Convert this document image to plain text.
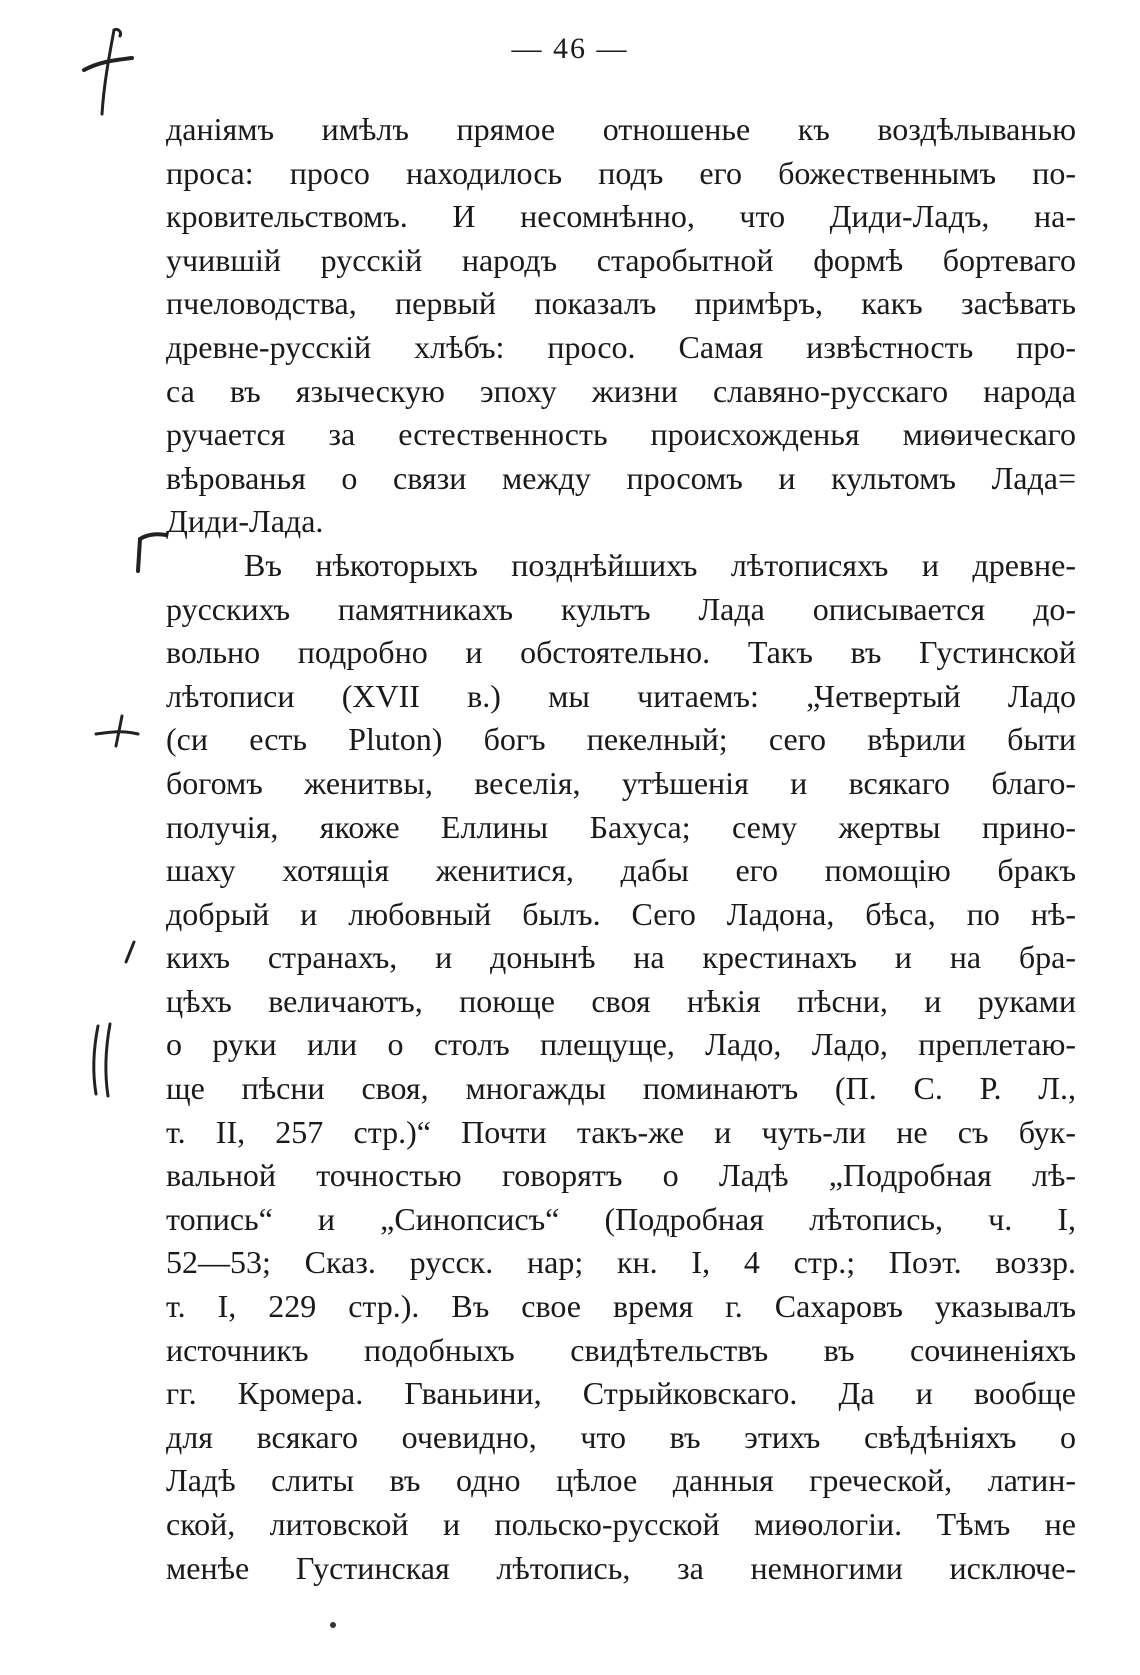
— 46 —
даніямъ имѣлъ прямое отношенье къ воздѣлыванью
проса: просо находилось подъ его божественнымъ по-
кровительствомъ. И несомнѣнно, что Диди-Ладъ, на-
учившій русскій народъ старобытной формѣ бортеваго
пчеловодства, первый показалъ примѣръ, какъ засѣвать
древне-русскій хлѣбъ: просо. Самая извѣстность про-
са въ языческую эпоху жизни славяно-русскаго народа
ручается за естественность происхожденья миѳическаго
вѣрованья о связи между просомъ и культомъ Лада=
Диди-Лада.
Въ нѣкоторыхъ позднѣйшихъ лѣтописяхъ и древне-
русскихъ памятникахъ культъ Лада описывается до-
вольно подробно и обстоятельно. Такъ въ Густинской
лѣтописи (XVII в.) мы читаемъ: „Четвертый Ладо
(си есть Pluton) богъ пекелный; сего вѣрили быти
богомъ женитвы, веселія, утѣшенія и всякаго благо-
получія, якоже Еллины Бахуса; сему жертвы прино-
шаху хотящія женитися, дабы его помощію бракъ
добрый и любовный былъ. Сего Ладона, бѣса, по нѣ-
кихъ странахъ, и донынѣ на крестинахъ и на бра-
цѣхъ величаютъ, поюще своя нѣкія пѣсни, и руками
о руки или о столъ плещуще, Ладо, Ладо, преплетаю-
ще пѣсни своя, многажды поминаютъ (П. С. Р. Л.,
т. II, 257 стр.)“ Почти такъ-же и чуть-ли не съ бук-
вальной точностью говорятъ о Ладѣ „Подробная лѣ-
топись“ и „Синопсисъ“ (Подробная лѣтопись, ч. I,
52—53; Сказ. русск. нар; кн. I, 4 стр.; Поэт. воззр.
т. I, 229 стр.). Въ свое время г. Сахаровъ указывалъ
источникъ подобныхъ свидѣтельствъ въ сочиненіяхъ
гг. Кромера. Гваньини, Стрыйковскаго. Да и вообще
для всякаго очевидно, что въ этихъ свѣдѣніяхъ о
Ладѣ слиты въ одно цѣлое данныя греческой, латин-
ской, литовской и польско-русской миѳологіи. Тѣмъ не
менѣе Густинская лѣтопись, за немногими исключе-
